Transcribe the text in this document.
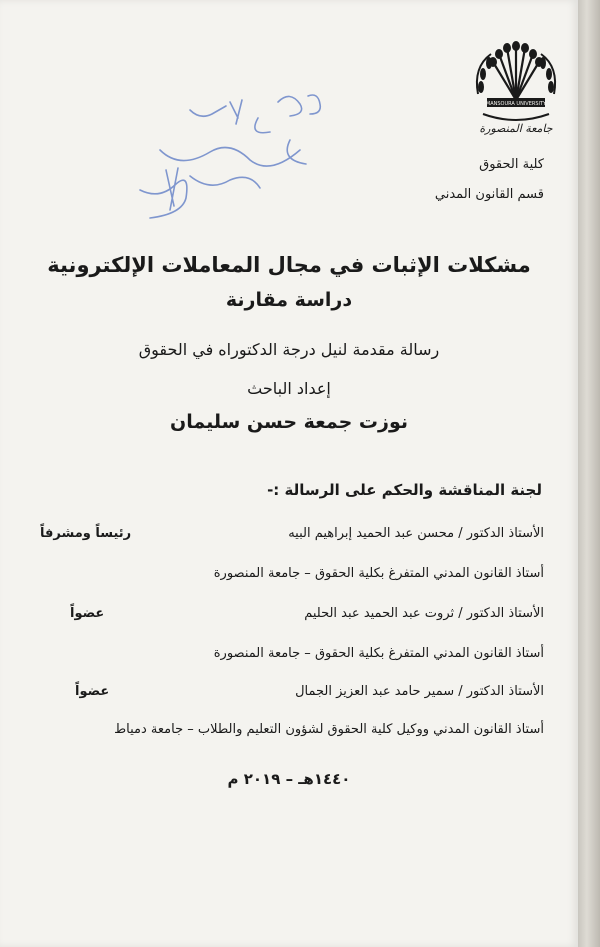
MANSOURA UNIVERSITY
جامعة المنصورة
كلية الحقوق
قسم القانون المدني
مشكلات الإثبات في مجال المعاملات الإلكترونية
دراسة مقارنة
رسالة مقدمة لنيل درجة الدكتوراه في الحقوق
إعداد الباحث
نوزت جمعة حسن سليمان
لجنة المناقشة والحكم على الرسالة :-
الأستاذ الدكتور / محسن عبد الحميد إبراهيم البيه
رئيساً ومشرفاً
أستاذ القانون المدني المتفرغ بكلية الحقوق – جامعة المنصورة
الأستاذ الدكتور / ثروت عبد الحميد عبد الحليم
عضواً
أستاذ القانون المدني المتفرغ بكلية الحقوق – جامعة المنصورة
الأستاذ الدكتور / سمير حامد عبد العزيز الجمال
عضواً
أستاذ القانون المدني ووكيل كلية الحقوق لشؤون التعليم والطلاب – جامعة دمياط
١٤٤٠هـ – ٢٠١٩ م
